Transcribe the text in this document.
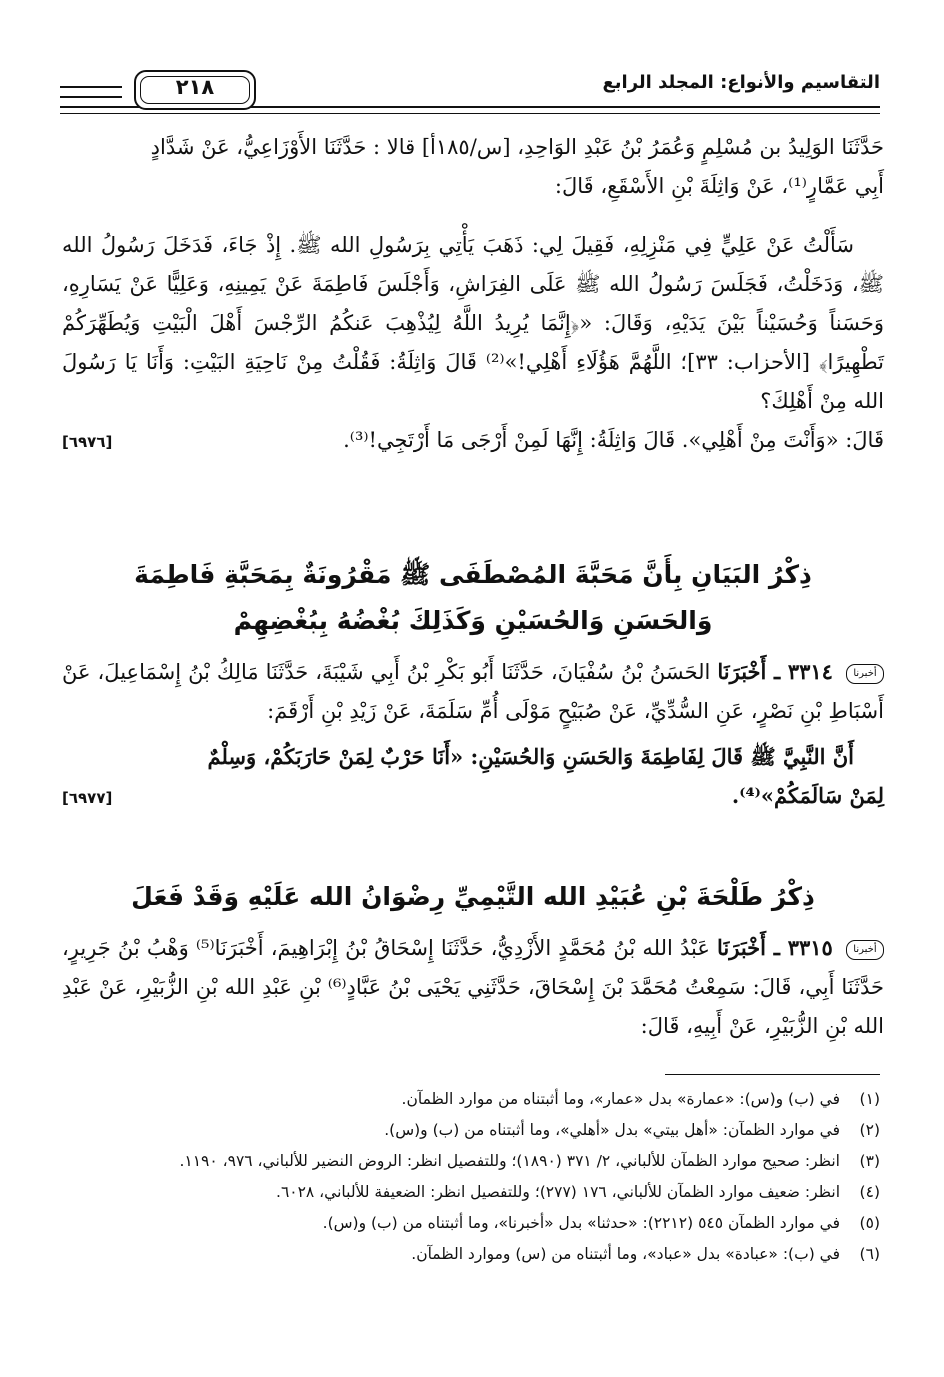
التقاسيم والأنواع: المجلد الرابع
٢١٨

حَدَّثَنَا الوَلِيدُ بن مُسْلِمٍ وَعُمَرُ بْنُ عَبْدِ الوَاحِدِ، [س/١٨٥أ] قالا : حَدَّثَنَا الأَوْزَاعِيُّ، عَنْ شَدَّادٍ

أَبِي عَمَّارٍ⁽¹⁾، عَنْ وَاثِلَةَ بْنِ الأَسْقَعِ، قَالَ:

سَأَلْتُ عَنْ عَلِيٍّ فِي مَنْزِلِهِ، فَقِيلَ لِي: ذَهَبَ يَأْتِي بِرَسُولِ الله ﷺ. إِذْ جَاءَ، فَدَخَلَ رَسُولُ الله ﷺ، وَدَخَلْتُ، فَجَلَسَ رَسُولُ الله ﷺ عَلَى الفِرَاشِ، وَأَجْلَسَ فَاطِمَةَ عَنْ يَمِينِهِ، وَعَلِيًّا عَنْ يَسَارِهِ، وَحَسَناً وَحُسَيْناً بَيْنَ يَدَيْهِ، وَقَالَ: «﴿إِنَّمَا يُرِيدُ اللَّهُ لِيُذْهِبَ عَنكُمُ الرِّجْسَ أَهْلَ الْبَيْتِ وَيُطَهِّرَكُمْ تَطْهِيرًا﴾ [الأحزاب: ٣٣]؛ اللَّهُمَّ هَؤُلَاءِ أَهْلِي!»⁽²⁾ قَالَ وَاثِلَةُ: فَقُلْتُ مِنْ نَاحِيَةِ البَيْتِ: وَأَنَا يَا رَسُولَ الله مِنْ أَهْلِكَ؟

قَالَ: «وَأَنْتَ مِنْ أَهْلِي». قَالَ وَاثِلَةُ: إِنَّهَا لَمِنْ أَرْجَى مَا أَرْتَجِي!⁽³⁾.
[٦٩٧٦]
ذِكْرُ البَيَانِ بِأَنَّ مَحَبَّةَ المُصْطَفَى ﷺ مَقْرُونَةٌ بِمَحَبَّةِ فَاطِمَةَ
وَالحَسَنِ وَالحُسَيْنِ وَكَذَلِكَ بُغْضُهُ بِبُغْضِهِمْ

أخبرنا ٣٣١٤ ـ أَخْبَرَنَا الحَسَنُ بْنُ سُفْيَانَ، حَدَّثَنَا أَبُو بَكْرِ بْنُ أَبِي شَيْبَةَ، حَدَّثَنَا مَالِكُ بْنُ إِسْمَاعِيلَ، عَنْ أَسْبَاطِ بْنِ نَصْرٍ، عَنِ السُّدِّيِّ، عَنْ صُبَيْحٍ مَوْلَى أُمِّ سَلَمَةَ، عَنْ زَيْدِ بْنِ أَرْقَمَ:

أَنَّ النَّبِيَّ ﷺ قَالَ لِفَاطِمَةَ وَالحَسَنِ وَالحُسَيْنِ: «أَنَا حَرْبٌ لِمَنْ حَارَبَكُمْ، وَسِلْمٌ

لِمَنْ سَالَمَكُمْ»⁽⁴⁾.
[٦٩٧٧]
ذِكْرُ طَلْحَةَ بْنِ عُبَيْدِ الله التَّيْمِيِّ رِضْوَانُ الله عَلَيْهِ وَقَدْ فَعَلَ

أخبرنا ٣٣١٥ ـ أَخْبَرَنَا عَبْدُ الله بْنُ مُحَمَّدٍ الأَزْدِيُّ، حَدَّثَنَا إِسْحَاقُ بْنُ إِبْرَاهِيمَ، أَخْبَرَنَا⁽⁵⁾ وَهْبُ بْنُ جَرِيرٍ، حَدَّثَنَا أَبِي، قَالَ: سَمِعْتُ مُحَمَّدَ بْنَ إِسْحَاقَ، حَدَّثَنِي يَحْيَى بْنُ عَبَّادٍ⁽⁶⁾ بْنِ عَبْدِ الله بْنِ الزُّبَيْرِ، عَنْ عَبْدِ الله بْنِ الزُّبَيْرِ، عَنْ أَبِيهِ، قَالَ:

(١)
في (ب) و(س): «عمارة» بدل «عمار»، وما أثبتناه من موارد الظمآن.
(٢)
في موارد الظمآن: «أهل بيتي» بدل «أهلي»، وما أثبتناه من (ب) و(س).
(٣)
انظر: صحيح موارد الظمآن للألباني، ٢/ ٣٧١ (١٨٩٠)؛ وللتفصيل انظر: الروض النضير للألباني، ٩٧٦، ١١٩٠.
(٤)
انظر: ضعيف موارد الظمآن للألباني، ١٧٦ (٢٧٧)؛ وللتفصيل انظر: الضعيفة للألباني، ٦٠٢٨.
(٥)
في موارد الظمآن ٥٤٥ (٢٢١٢): «حدثنا» بدل «أخبرنا»، وما أثبتناه من (ب) و(س).
(٦)
في (ب): «عبادة» بدل «عباد»، وما أثبتناه من (س) وموارد الظمآن.
